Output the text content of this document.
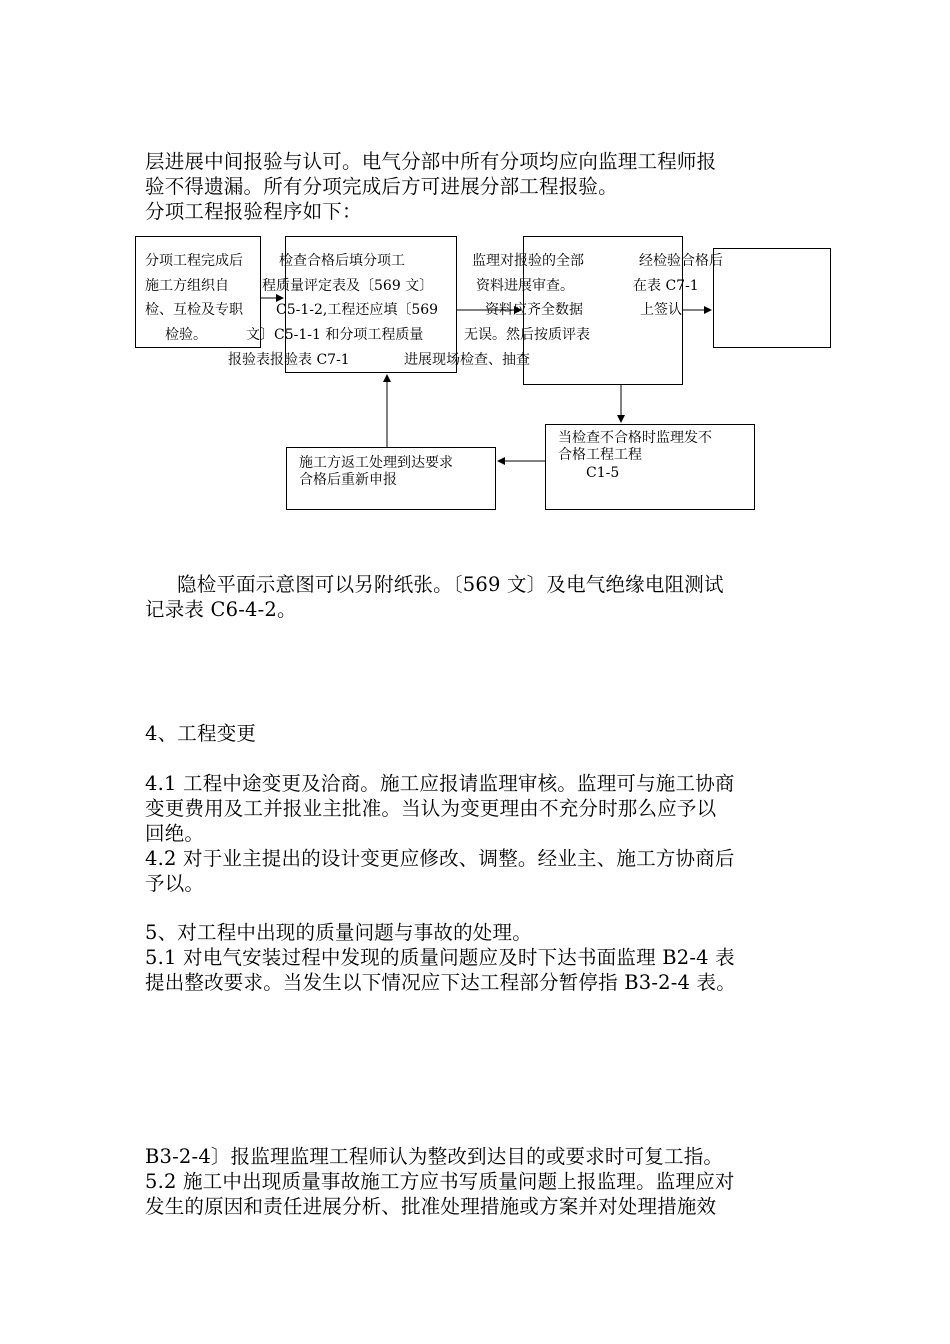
层进展中间报验与认可。电气分部中所有分项均应向监理工程师报
验不得遗漏。所有分项完成后方可进展分部工程报验。
分项工程报验程序如下：
分项工程完成后
施工方组织自
检、互检及专职
检验。
检查合格后填分项工
程质量评定表及〔569 文〕
C5-1-2,工程还应填〔569
文〕C5-1-1 和分项工程质量
报验表报验表 C7-1
监理对报验的全部
资料进展审查。
资料应齐全数据
无误。然后按质评表
进展现场检查、抽查
经检验合格后
在表 C7-1
上签认
当检查不合格时监理发不
合格工程工程
C1-5
施工方返工处理到达要求
合格后重新申报
隐检平面示意图可以另附纸张。〔569 文〕及电气绝缘电阻测试
记录表 C6-4-2。
4、工程变更
4.1 工程中途变更及洽商。施工应报请监理审核。监理可与施工协商
变更费用及工并报业主批准。当认为变更理由不充分时那么应予以
回绝。
4.2 对于业主提出的设计变更应修改、调整。经业主、施工方协商后
予以。
5、对工程中出现的质量问题与事故的处理。
5.1 对电气安装过程中发现的质量问题应及时下达书面监理 B2-4 表
提出整改要求。当发生以下情况应下达工程部分暂停指 B3-2-4 表。
B3-2-4〕报监理监理工程师认为整改到达目的或要求时可复工指。
5.2 施工中出现质量事故施工方应书写质量问题上报监理。监理应对
发生的原因和责任进展分析、批准处理措施或方案并对处理措施效
